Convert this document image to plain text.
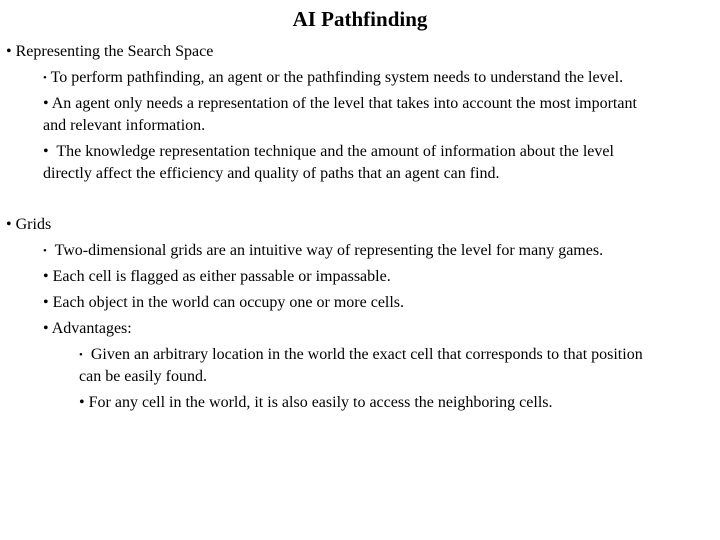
AI Pathfinding
• Representing the Search Space
• To perform pathfinding, an agent or the pathfinding system needs to understand the level.
• An agent only needs a representation of the level that takes into account the most important
and relevant information.
•  The knowledge representation technique and the amount of information about the level
directly affect the efficiency and quality of paths that an agent can find.
• Grids
•  Two-dimensional grids are an intuitive way of representing the level for many games.
• Each cell is flagged as either passable or impassable.
• Each object in the world can occupy one or more cells.
• Advantages:
•  Given an arbitrary location in the world the exact cell that corresponds to that position
can be easily found.
• For any cell in the world, it is also easily to access the neighboring cells.
